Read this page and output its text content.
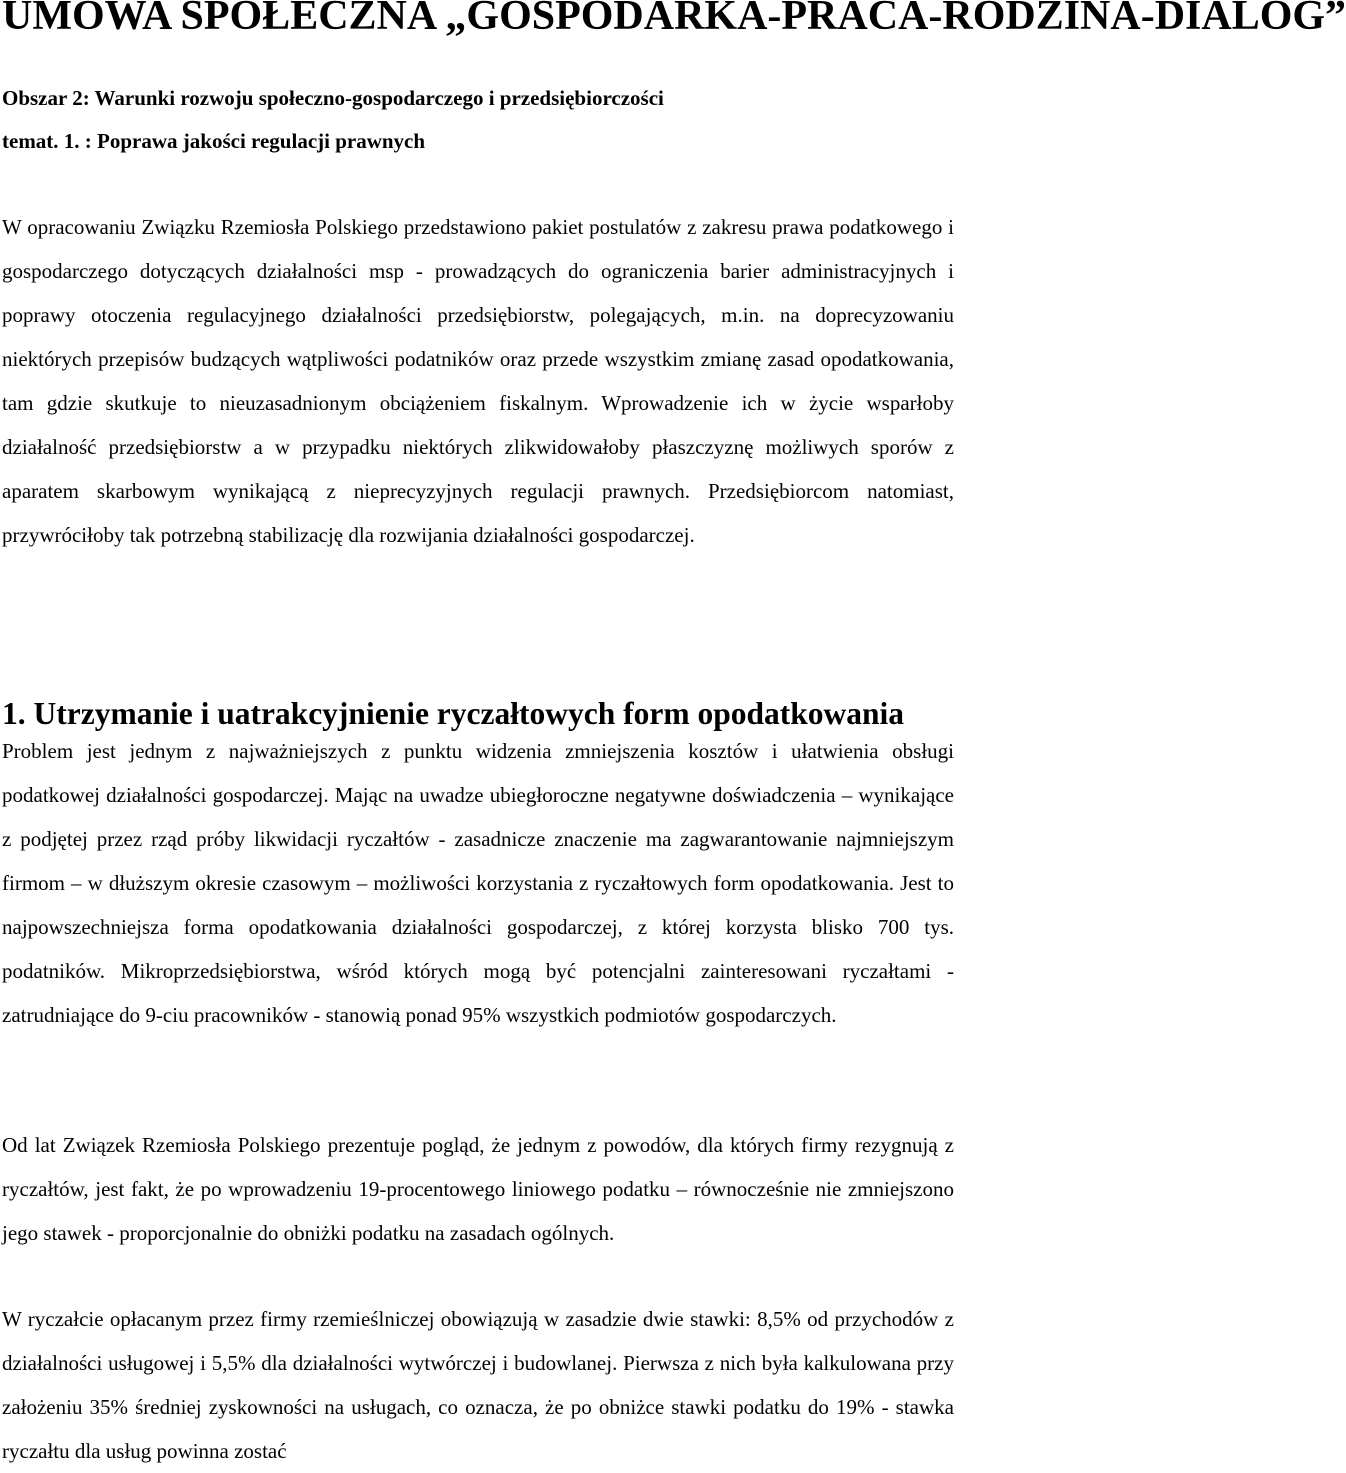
UMOWA SPOŁECZNA „GOSPODARKA-PRACA-RODZINA-DIALOG”
Obszar 2: Warunki rozwoju społeczno-gospodarczego i przedsiębiorczości
temat. 1. : Poprawa jakości regulacji prawnych

W opracowaniu Związku Rzemiosła Polskiego przedstawiono pakiet postulatów z zakresu prawa podatkowego i gospodarczego dotyczących działalności msp - prowadzących do ograniczenia barier administracyjnych i poprawy otoczenia regulacyjnego działalności przedsiębiorstw, polegających, m.in. na doprecyzowaniu niektórych przepisów budzących wątpliwości podatników oraz przede wszystkim zmianę zasad opodatkowania, tam gdzie skutkuje to nieuzasadnionym obciążeniem fiskalnym. Wprowadzenie ich w życie wsparłoby działalność przedsiębiorstw a w przypadku niektórych zlikwidowałoby płaszczyznę możliwych sporów z aparatem skarbowym wynikającą z nieprecyzyjnych regulacji prawnych. Przedsiębiorcom natomiast, przywróciłoby tak potrzebną stabilizację dla rozwijania działalności gospodarczej.

1. Utrzymanie i uatrakcyjnienie ryczałtowych form opodatkowania

Problem jest jednym z najważniejszych z punktu widzenia zmniejszenia kosztów i ułatwienia obsługi podatkowej działalności gospodarczej. Mając na uwadze ubiegłoroczne negatywne doświadczenia – wynikające z podjętej przez rząd próby likwidacji ryczałtów - zasadnicze znaczenie ma zagwarantowanie najmniejszym firmom – w dłuższym okresie czasowym – możliwości korzystania z ryczałtowych form opodatkowania. Jest to najpowszechniejsza forma opodatkowania działalności gospodarczej, z której korzysta blisko 700 tys. podatników. Mikroprzedsiębiorstwa, wśród których mogą być potencjalni zainteresowani ryczałtami - zatrudniające do 9-ciu pracowników - stanowią ponad 95% wszystkich podmiotów gospodarczych.

Od lat Związek Rzemiosła Polskiego prezentuje pogląd, że jednym z powodów, dla których firmy rezygnują z ryczałtów, jest fakt, że po wprowadzeniu 19-procentowego liniowego podatku – równocześnie nie zmniejszono jego stawek - proporcjonalnie do obniżki podatku na zasadach ogólnych.

W ryczałcie opłacanym przez firmy rzemieślniczej obowiązują w zasadzie dwie stawki: 8,5% od przychodów z działalności usługowej i 5,5% dla działalności wytwórczej i budowlanej. Pierwsza z nich była kalkulowana przy założeniu 35% średniej zyskowności na usługach, co oznacza, że po obniżce stawki podatku do 19% - stawka ryczałtu dla usług powinna zostać
